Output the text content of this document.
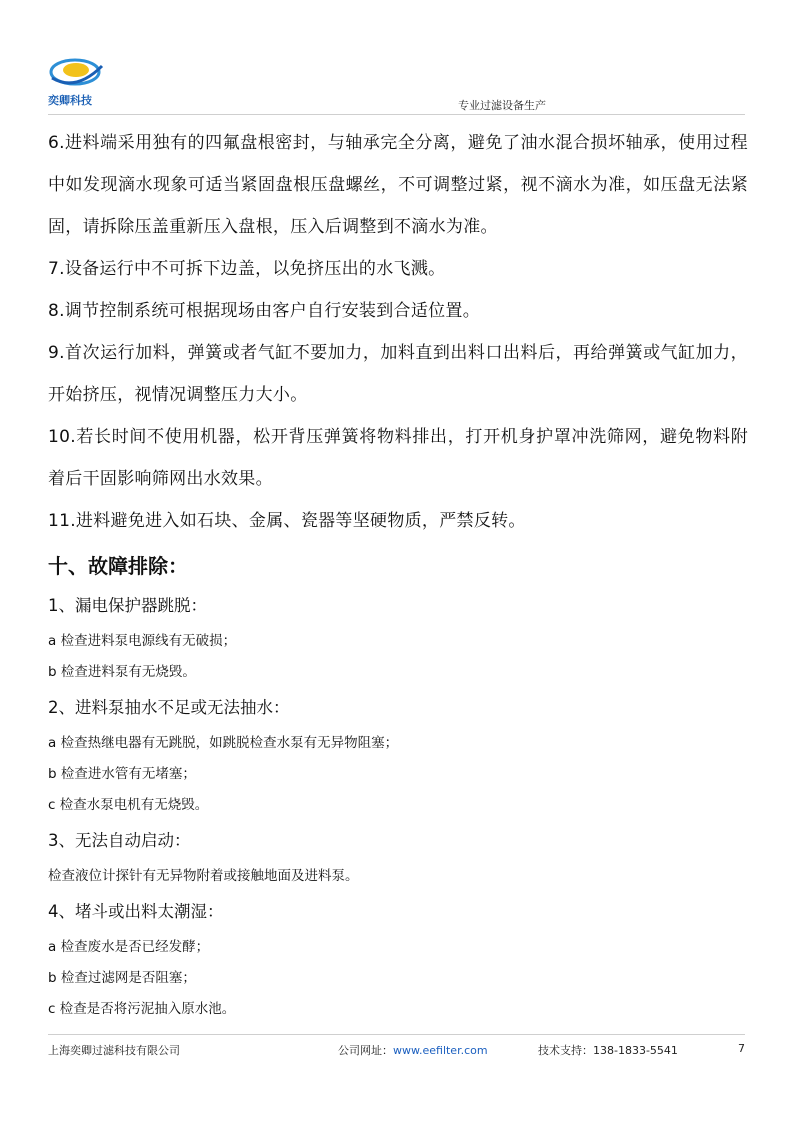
奕卿科技	专业过滤设备生产

6.进料端采用独有的四氟盘根密封，与轴承完全分离，避免了油水混合损坏轴承，使用过程中如发现滴水现象可适当紧固盘根压盘螺丝，不可调整过紧，视不滴水为准，如压盘无法紧固，请拆除压盖重新压入盘根，压入后调整到不滴水为准。

7.设备运行中不可拆下边盖，以免挤压出的水飞溅。

8.调节控制系统可根据现场由客户自行安装到合适位置。

9.首次运行加料，弹簧或者气缸不要加力，加料直到出料口出料后，再给弹簧或气缸加力，开始挤压，视情况调整压力大小。

10.若长时间不使用机器，松开背压弹簧将物料排出，打开机身护罩冲洗筛网，避免物料附着后干固影响筛网出水效果。

11.进料避免进入如石块、金属、瓷器等坚硬物质，严禁反转。

十、故障排除：

1、漏电保护器跳脱：

a 检查进料泵电源线有无破损；

b 检查进料泵有无烧毁。

2、进料泵抽水不足或无法抽水：

a 检查热继电器有无跳脱，如跳脱检查水泵有无异物阻塞；

b 检查进水管有无堵塞；

c 检查水泵电机有无烧毁。

3、无法自动启动：

检查液位计探针有无异物附着或接触地面及进料泵。

4、堵斗或出料太潮湿：

a 检查废水是否已经发酵；

b 检查过滤网是否阻塞；

c 检查是否将污泥抽入原水池。

上海奕卿过滤科技有限公司	公司网址：www.eefilter.com	技术支持：138-1833-5541	7
